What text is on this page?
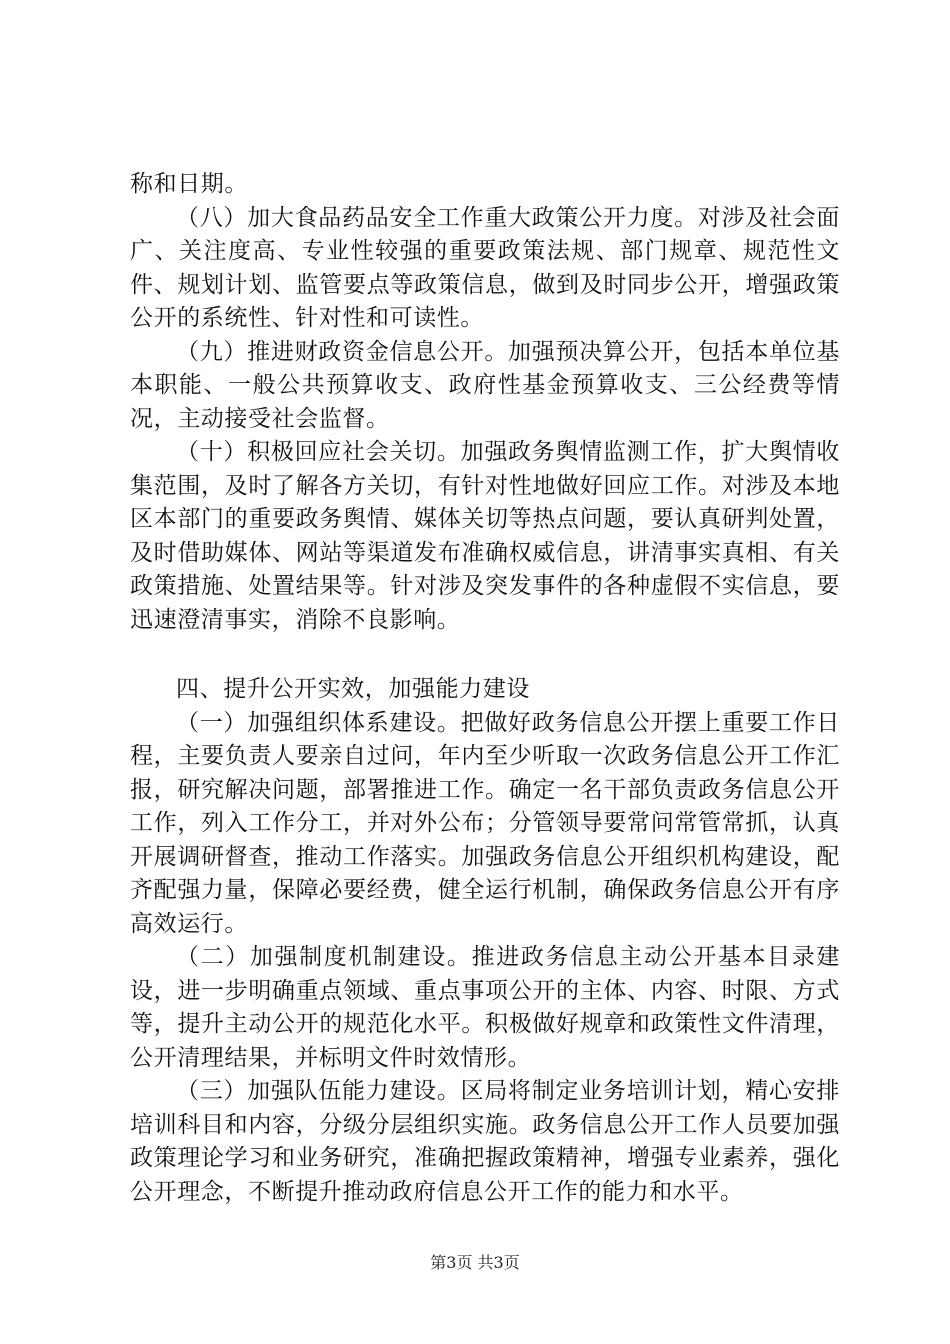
称和日期。

（八）加大食品药品安全工作重大政策公开力度。对涉及社会面广、关注度高、专业性较强的重要政策法规、部门规章、规范性文件、规划计划、监管要点等政策信息，做到及时同步公开，增强政策公开的系统性、针对性和可读性。

（九）推进财政资金信息公开。加强预决算公开，包括本单位基本职能、一般公共预算收支、政府性基金预算收支、三公经费等情况，主动接受社会监督。

（十）积极回应社会关切。加强政务舆情监测工作，扩大舆情收集范围，及时了解各方关切，有针对性地做好回应工作。对涉及本地区本部门的重要政务舆情、媒体关切等热点问题，要认真研判处置，及时借助媒体、网站等渠道发布准确权威信息，讲清事实真相、有关政策措施、处置结果等。针对涉及突发事件的各种虚假不实信息，要迅速澄清事实，消除不良影响。

四、提升公开实效，加强能力建设

（一）加强组织体系建设。把做好政务信息公开摆上重要工作日程，主要负责人要亲自过问，年内至少听取一次政务信息公开工作汇报，研究解决问题，部署推进工作。确定一名干部负责政务信息公开工作，列入工作分工，并对外公布；分管领导要常问常管常抓，认真开展调研督查，推动工作落实。加强政务信息公开组织机构建设，配齐配强力量，保障必要经费，健全运行机制，确保政务信息公开有序高效运行。

（二）加强制度机制建设。推进政务信息主动公开基本目录建设，进一步明确重点领域、重点事项公开的主体、内容、时限、方式等，提升主动公开的规范化水平。积极做好规章和政策性文件清理，公开清理结果，并标明文件时效情形。

（三）加强队伍能力建设。区局将制定业务培训计划，精心安排培训科目和内容，分级分层组织实施。政务信息公开工作人员要加强政策理论学习和业务研究，准确把握政策精神，增强专业素养，强化公开理念，不断提升推动政府信息公开工作的能力和水平。

第3页 共3页
